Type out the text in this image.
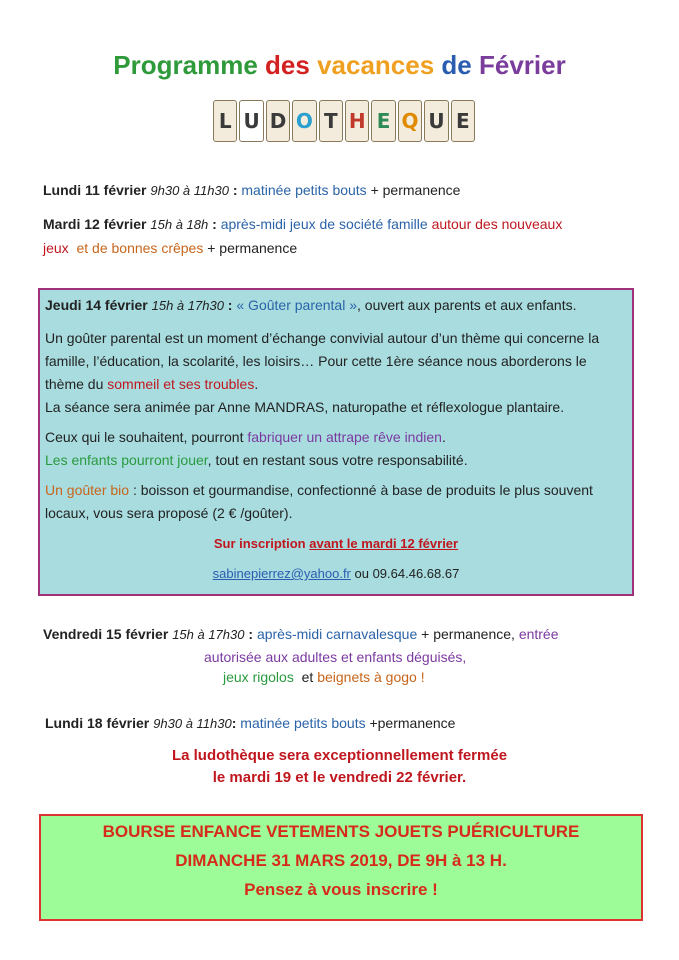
Programme des vacances de Février
L U D O T H E Q U E
Lundi 11 février 9h30 à 11h30 : matinée petits bouts + permanence
Mardi 12 février 15h à 18h : après-midi jeux de société famille autour des nouveaux
jeux et de bonnes crêpes + permanence
Jeudi 14 février 15h à 17h30 : « Goûter parental », ouvert aux parents et aux enfants.
Un goûter parental est un moment d’échange convivial autour d’un thème qui concerne la
famille, l’éducation, la scolarité, les loisirs… Pour cette 1ère séance nous aborderons le
thème du sommeil et ses troubles.
La séance sera animée par Anne MANDRAS, naturopathe et réflexologue plantaire.
Ceux qui le souhaitent, pourront fabriquer un attrape rêve indien.
Les enfants pourront jouer, tout en restant sous votre responsabilité.
Un goûter bio : boisson et gourmandise, confectionné à base de produits le plus souvent
locaux, vous sera proposé (2 € /goûter).
Sur inscription avant le mardi 12 février
sabinepierrez@yahoo.fr ou 09.64.46.68.67
Vendredi 15 février 15h à 17h30 : après-midi carnavalesque + permanence, entrée
autorisée aux adultes et enfants déguisés,
jeux rigolos et beignets à gogo !
Lundi 18 février 9h30 à 11h30: matinée petits bouts +permanence
La ludothèque sera exceptionnellement fermée
le mardi 19 et le vendredi 22 février.
BOURSE ENFANCE VETEMENTS JOUETS PUÉRICULTURE
DIMANCHE 31 MARS 2019, DE 9H à 13 H.
Pensez à vous inscrire !
